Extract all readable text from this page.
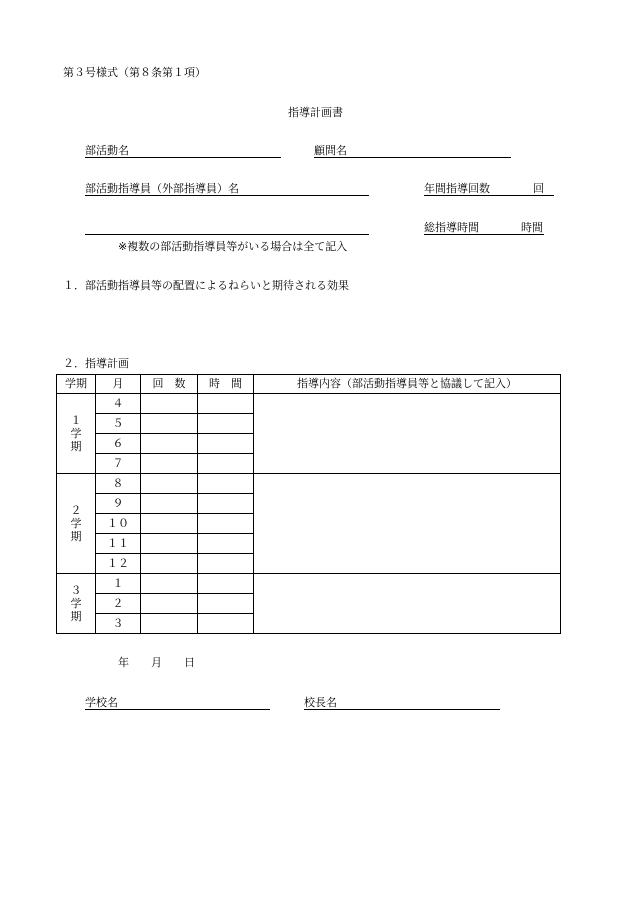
第３号様式（第８条第１項）
指導計画書
部活動名	顧問名
部活動指導員（外部指導員）名	年間指導回数	回
総指導時間	時間
※複数の部活動指導員等がいる場合は全て記入
１．部活動指導員等の配置によるねらいと期待される効果
２．指導計画
学期	月	回　数	時　間	指導内容（部活動指導員等と協議して記入）
１学期	４			
	５			
	６			
	７			
２学期	８			
	９			
	１０			
	１１			
	１２			
３学期	１			
	２			
	３			
年　　月　　日
学校名	校長名
